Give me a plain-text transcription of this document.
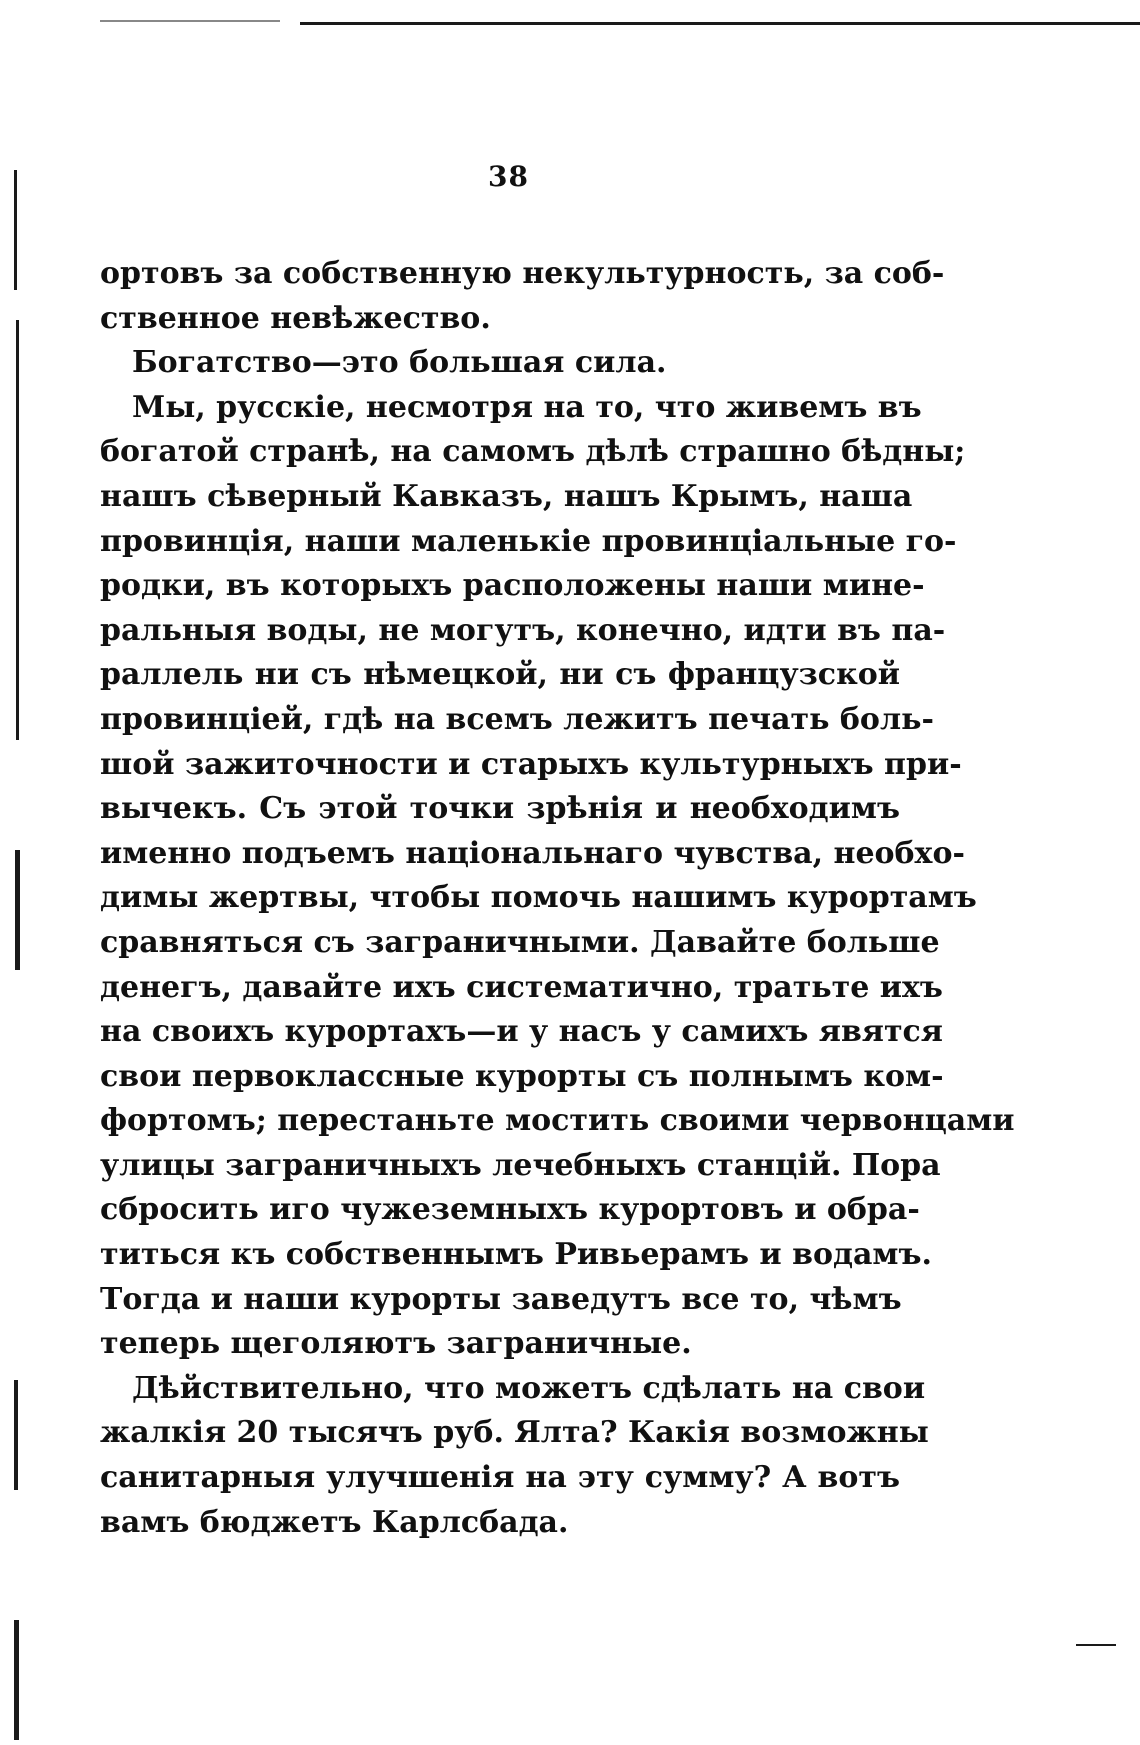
38
ортовъ за собственную некультурность, за соб-
ственное невѣжество.
Богатство—это большая сила.
Мы, русскіе, несмотря на то, что живемъ въ
богатой странѣ, на самомъ дѣлѣ страшно бѣдны;
нашъ сѣверный Кавказъ, нашъ Крымъ, наша
провинція, наши маленькіе провинціальные го-
родки, въ которыхъ расположены наши мине-
ральныя воды, не могутъ, конечно, идти въ па-
раллель ни съ нѣмецкой, ни съ французской
провинціей, гдѣ на всемъ лежитъ печать боль-
шой зажиточности и старыхъ культурныхъ при-
вычекъ. Съ этой точки зрѣнія и необходимъ
именно подъемъ національнаго чувства, необхо-
димы жертвы, чтобы помочь нашимъ курортамъ
сравняться съ заграничными. Давайте больше
денегъ, давайте ихъ систематично, тратьте ихъ
на своихъ курортахъ—и у насъ у самихъ явятся
свои первоклассные курорты съ полнымъ ком-
фортомъ; перестаньте мостить своими червонцами
улицы заграничныхъ лечебныхъ станцій. Пора
сбросить иго чужеземныхъ курортовъ и обра-
титься къ собственнымъ Ривьерамъ и водамъ.
Тогда и наши курорты заведутъ все то, чѣмъ
теперь щеголяютъ заграничные.
Дѣйствительно, что можетъ сдѣлать на свои
жалкія 20 тысячъ руб. Ялта? Какія возможны
санитарныя улучшенія на эту сумму? А вотъ
вамъ бюджетъ Карлсбада.
